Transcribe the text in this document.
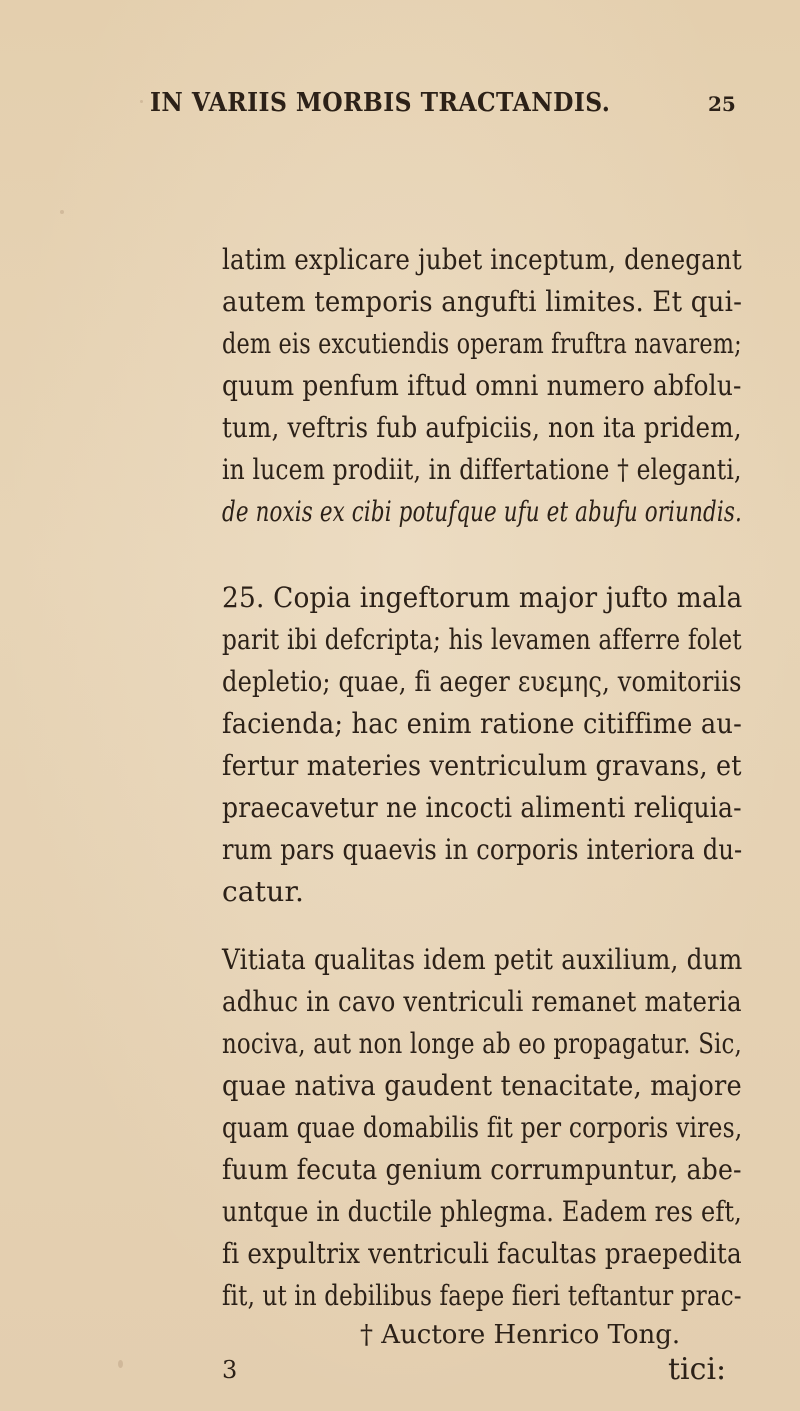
IN VARIIS MORBIS TRACTANDIS.	25
latim explicare jubet inceptum, denegant
autem temporis angufti limites. Et qui-
dem eis excutiendis operam fruftra navarem;
quum penfum iftud omni numero abfolu-
tum, veftris fub aufpiciis, non ita pridem,
in lucem prodiit, in differtatione † eleganti,
de noxis ex cibi potufque ufu et abufu oriundis.
25. Copia ingeftorum major jufto mala
parit ibi defcripta; his levamen afferre folet
depletio; quae, fi aeger ευεμης, vomitoriis
facienda; hac enim ratione citiffime au-
fertur materies ventriculum gravans, et
praecavetur ne incocti alimenti reliquia-
rum pars quaevis in corporis interiora du-
catur.
Vitiata qualitas idem petit auxilium, dum
adhuc in cavo ventriculi remanet materia
nociva, aut non longe ab eo propagatur. Sic,
quae nativa gaudent tenacitate, majore
quam quae domabilis fit per corporis vires,
fuum fecuta genium corrumpuntur, abe-
untque in ductile phlegma. Eadem res eft,
fi expultrix ventriculi facultas praepedita
fit, ut in debilibus faepe fieri teftantur prac-
† Auctore Henrico Tong.
3	tici:
